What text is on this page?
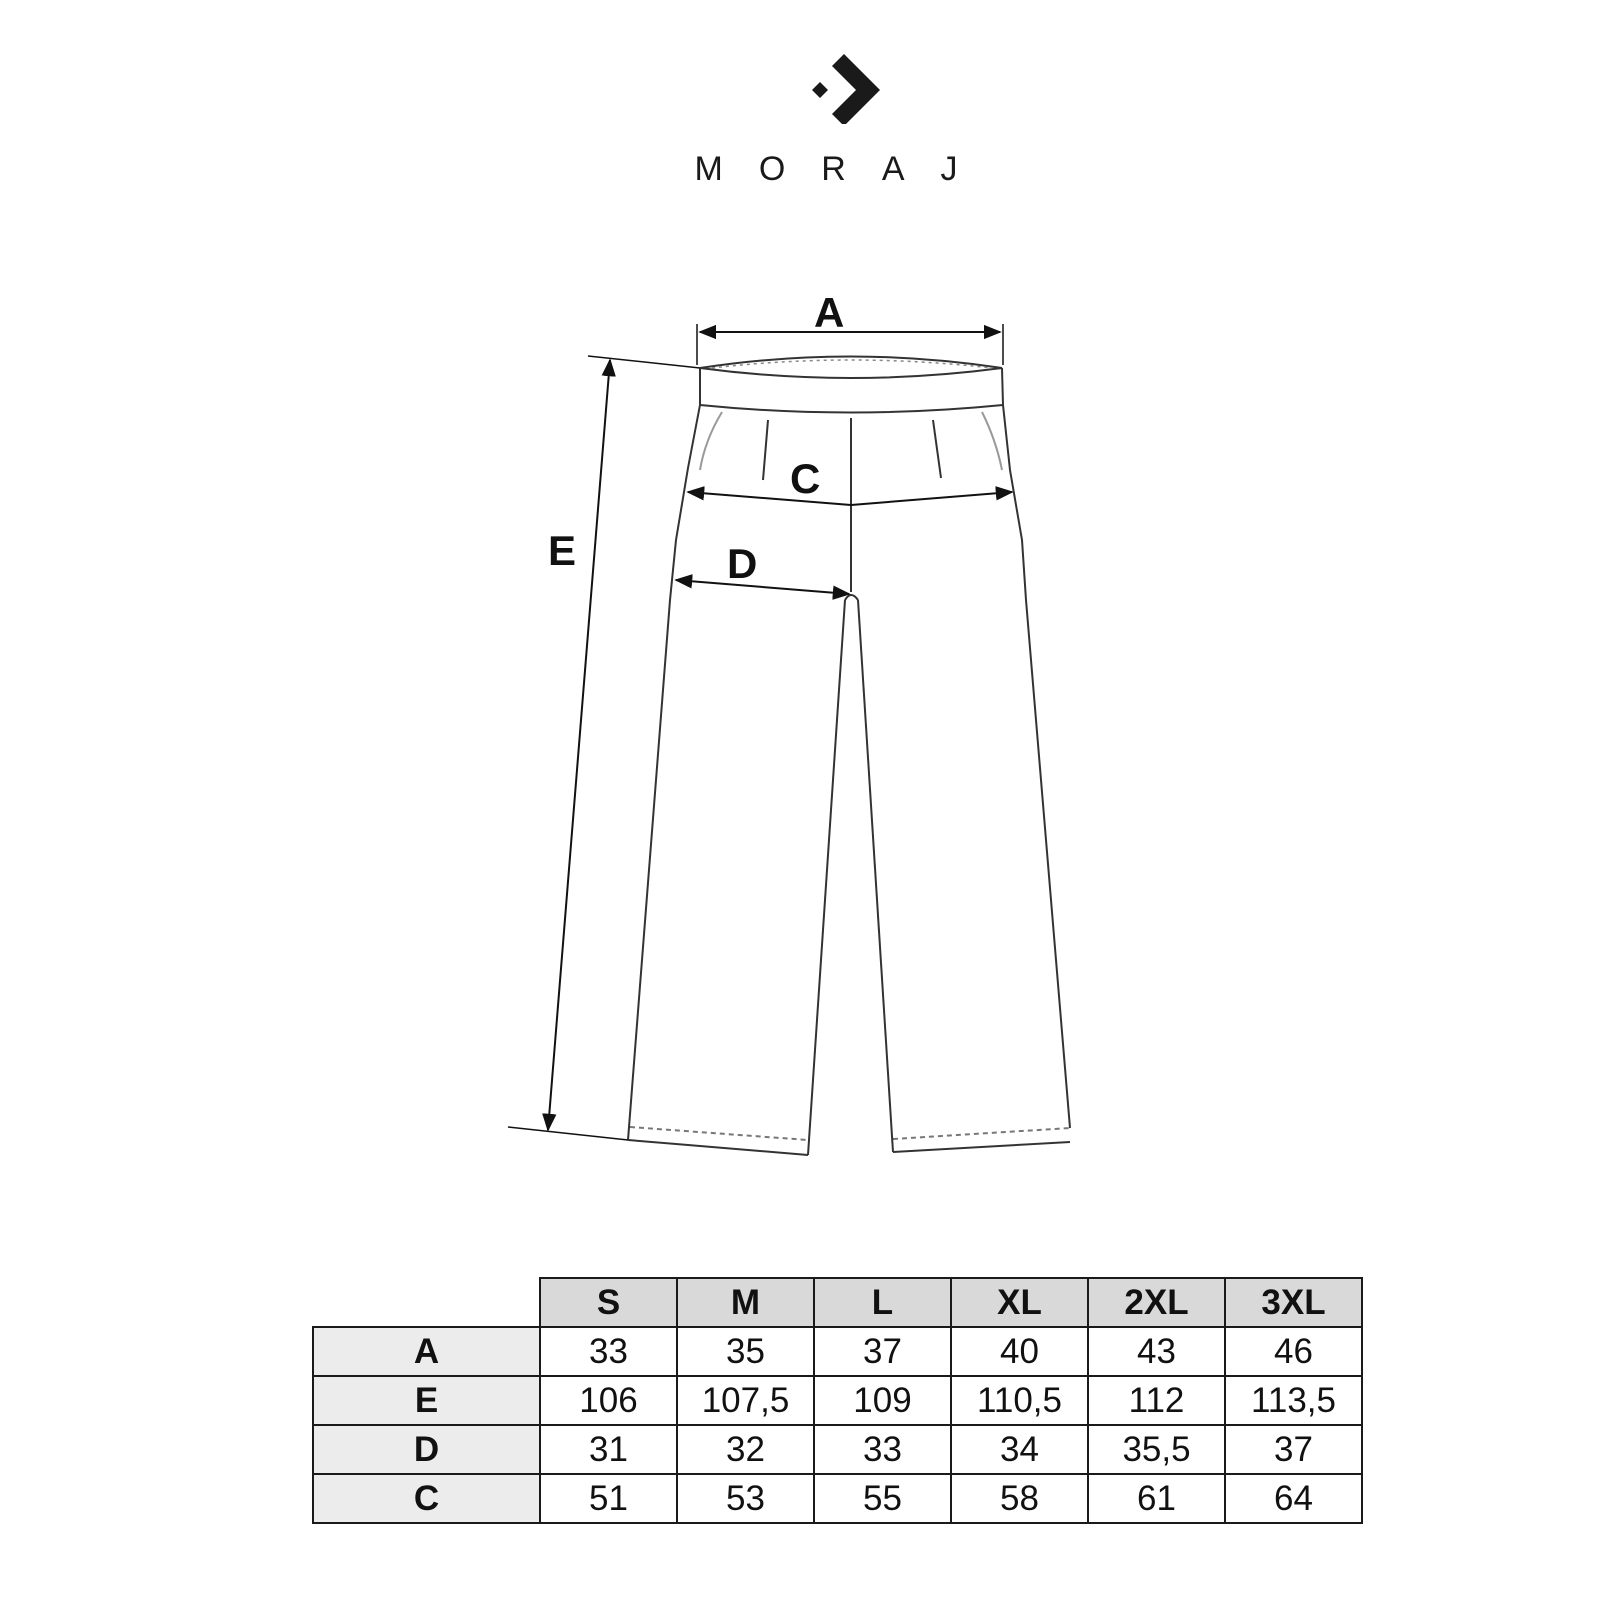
MORAJ
A
C
D
E
	S	M	L	XL	2XL	3XL
A	33	35	37	40	43	46
E	106	107,5	109	110,5	112	113,5
D	31	32	33	34	35,5	37
C	51	53	55	58	61	64
